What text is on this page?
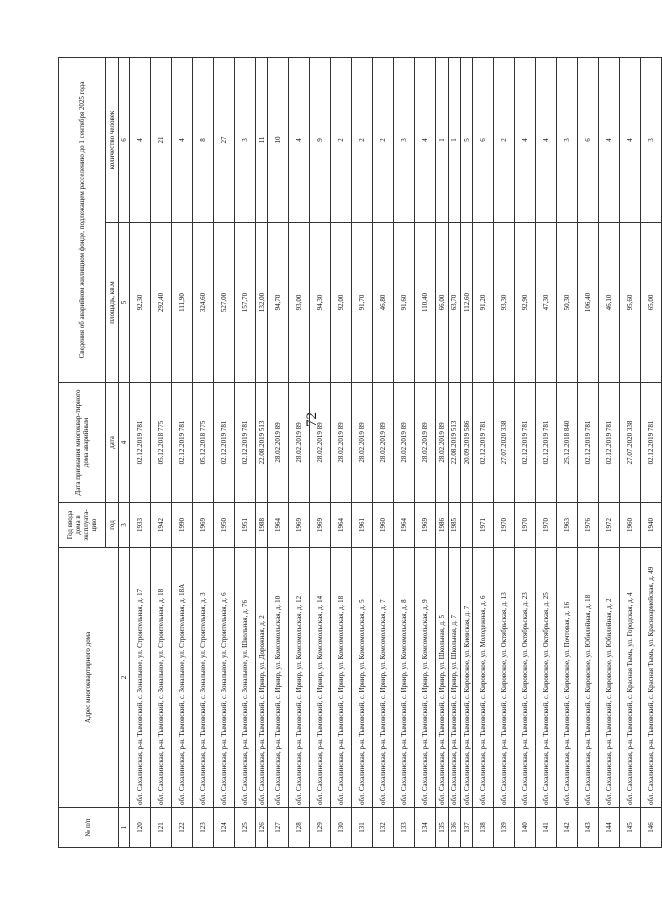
72
№ п/п	Адрес многоквартирного дома	Год ввода дома в эксплуата-цию	Дата признания многоквар-тирного дома аварийным	Сведения об аварийном жилищном фонде, подлежащем расселению до 1 сентября 2025 года	
		год	дата	площадь, кв.м	количество человек
1	2	3	4	5	6
120	обл. Сахалинская, р-н. Тымовский, с. Зональное, ул. Строительная, д. 17	1933	02.12.2019 781	92,30	4
121	обл. Сахалинская, р-н. Тымовский, с. Зональное, ул. Строительная, д. 18	1942	05.12.2018 775	292,40	21
122	обл. Сахалинская, р-н. Тымовский, с. Зональное, ул. Строительная, д. 18А	1990	02.12.2019 781	111,90	4
123	обл. Сахалинская, р-н. Тымовский, с. Зональное, ул. Строительная, д. 3	1969	05.12.2018 775	324,60	8
124	обл. Сахалинская, р-н. Тымовский, с. Зональное, ул. Строительная, д. 6	1950	02.12.2019 781	527,00	27
125	обл. Сахалинская, р-н. Тымовский, с. Зональное, ул. Школьная, д. 76	1951	02.12.2019 781	157,70	3
126	обл. Сахалинская, р-н. Тымовский, с. Ирнир, ул. Дорожная, д. 2	1988	22.08.2019 513	132,00	11
127	обл. Сахалинская, р-н. Тымовский, с. Ирнир, ул. Комсомольская, д. 10	1964	28.02.2019 89	94,70	10
128	обл. Сахалинская, р-н. Тымовский, с. Ирнир, ул. Комсомольская, д. 12	1969	28.02.2019 89	93,00	4
129	обл. Сахалинская, р-н. Тымовский, с. Ирнир, ул. Комсомольская, д. 14	1969	28.02.2019 89	94,30	9
130	обл. Сахалинская, р-н. Тымовский, с. Ирнир, ул. Комсомольская, д. 18	1964	28.02.2019 89	92,00	2
131	обл. Сахалинская, р-н. Тымовский, с. Ирнир, ул. Комсомольская, д. 5	1961	28.02.2019 89	91,70	2
132	обл. Сахалинская, р-н. Тымовский, с. Ирнир, ул. Комсомольская, д. 7	1960	28.02.2019 89	46,80	2
133	обл. Сахалинская, р-н. Тымовский, с. Ирнир, ул. Комсомольская, д. 8	1964	28.02.2019 89	91,60	3
134	обл. Сахалинская, р-н. Тымовский, с. Ирнир, ул. Комсомольская, д. 9	1969	28.02.2019 89	110,40	4
135	обл. Сахалинская, р-н. Тымовский, с. Ирнир, ул. Школьная, д. 5	1986	28.02.2019 89	66,00	1
136	обл. Сахалинская, р-н. Тымовский, с. Ирнир, ул. Школьная, д. 7	1985	22.08.2019 513	63,70	1
137	обл. Сахалинская, р-н. Тымовский, с. Кировское, ул. Киевская, д. 7		20.09.2019 586	112,60	5
138	обл. Сахалинская, р-н. Тымовский, с. Кировское, ул. Молодежная, д. 6	1971	02.12.2019 781	91,20	6
139	обл. Сахалинская, р-н. Тымовский, с. Кировское, ул. Октябрьская, д. 13	1970	27.07.2020 338	93,30	2
140	обл. Сахалинская, р-н. Тымовский, с. Кировское, ул. Октябрьская, д. 23	1970	02.12.2019 781	92,90	4
141	обл. Сахалинская, р-н. Тымовский, с. Кировское, ул. Октябрьская, д. 25	1970	02.12.2019 781	47,30	4
142	обл. Сахалинская, р-н. Тымовский, с. Кировское, ул. Почтовая, д. 16	1963	25.12.2018 840	50,30	3
143	обл. Сахалинская, р-н. Тымовский, с. Кировское, ул. Юбилейная, д. 18	1976	02.12.2019 781	106,40	6
144	обл. Сахалинская, р-н. Тымовский, с. Кировское, ул. Юбилейная, д. 2	1972	02.12.2019 781	46,10	4
145	обл. Сахалинская, р-н. Тымовский, с. Красная Тымь, ул. Городская, д. 4	1960	27.07.2020 338	95,60	4
146	обл. Сахалинская, р-н. Тымовский, с. Красная Тымь, ул. Красноармейская, д. 49	1940	02.12.2019 781	65,00	3
